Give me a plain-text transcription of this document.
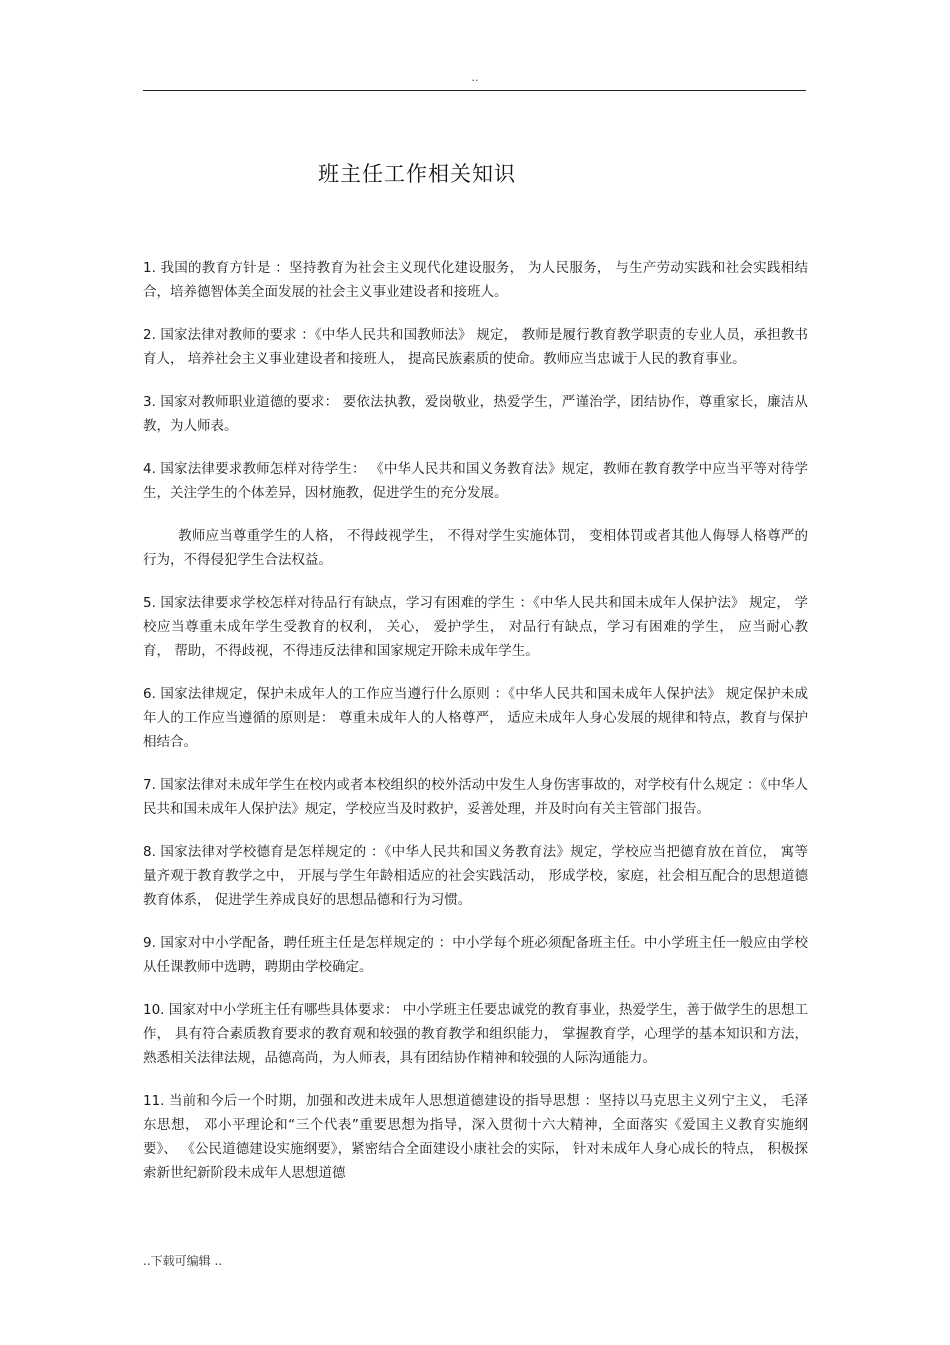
..
班主任工作相关知识

1. 我国的教育方针是 ：坚持教育为社会主义现代化建设服务， 为人民服务， 与生产劳动实践和社会实践相结合，培养德智体美全面发展的社会主义事业建设者和接班人。

2. 国家法律对教师的要求 ：《中华人民共和国教师法》 规定， 教师是履行教育教学职责的专业人员，承担教书育人， 培养社会主义事业建设者和接班人， 提高民族素质的使命。教师应当忠诚于人民的教育事业。

3. 国家对教师职业道德的要求： 要依法执教，爱岗敬业，热爱学生，严谨治学，团结协作，尊重家长，廉洁从教，为人师表。

4. 国家法律要求教师怎样对待学生： 《中华人民共和国义务教育法》规定，教师在教育教学中应当平等对待学生，关注学生的个体差异，因材施教，促进学生的充分发展。

教师应当尊重学生的人格， 不得歧视学生， 不得对学生实施体罚， 变相体罚或者其他人侮辱人格尊严的行为，不得侵犯学生合法权益。

5. 国家法律要求学校怎样对待品行有缺点，学习有困难的学生 ：《中华人民共和国未成年人保护法》 规定， 学校应当尊重未成年学生受教育的权利， 关心， 爱护学生， 对品行有缺点，学习有困难的学生， 应当耐心教育， 帮助，不得歧视，不得违反法律和国家规定开除未成年学生。

6. 国家法律规定，保护未成年人的工作应当遵行什么原则 ：《中华人民共和国未成年人保护法》 规定保护未成年人的工作应当遵循的原则是： 尊重未成年人的人格尊严， 适应未成年人身心发展的规律和特点，教育与保护相结合。

7. 国家法律对未成年学生在校内或者本校组织的校外活动中发生人身伤害事故的，对学校有什么规定 ：《中华人民共和国未成年人保护法》规定，学校应当及时救护，妥善处理，并及时向有关主管部门报告。

8. 国家法律对学校德育是怎样规定的 ：《中华人民共和国义务教育法》规定，学校应当把德育放在首位， 寓等量齐观于教育教学之中， 开展与学生年龄相适应的社会实践活动， 形成学校，家庭，社会相互配合的思想道德教育体系， 促进学生养成良好的思想品德和行为习惯。

9. 国家对中小学配备，聘任班主任是怎样规定的 ：中小学每个班必须配备班主任。中小学班主任一般应由学校从任课教师中选聘，聘期由学校确定。

10. 国家对中小学班主任有哪些具体要求： 中小学班主任要忠诚党的教育事业，热爱学生，善于做学生的思想工作， 具有符合素质教育要求的教育观和较强的教育教学和组织能力， 掌握教育学，心理学的基本知识和方法，熟悉相关法律法规，品德高尚，为人师表，具有团结协作精神和较强的人际沟通能力。

11. 当前和今后一个时期，加强和改进未成年人思想道德建设的指导思想 ：坚持以马克思主义列宁主义， 毛泽东思想， 邓小平理论和“三个代表”重要思想为指导，深入贯彻十六大精神，全面落实《爱国主义教育实施纲要》、 《公民道德建设实施纲要》，紧密结合全面建设小康社会的实际， 针对未成年人身心成长的特点， 积极探索新世纪新阶段未成年人思想道德

..下载可编辑 ..
